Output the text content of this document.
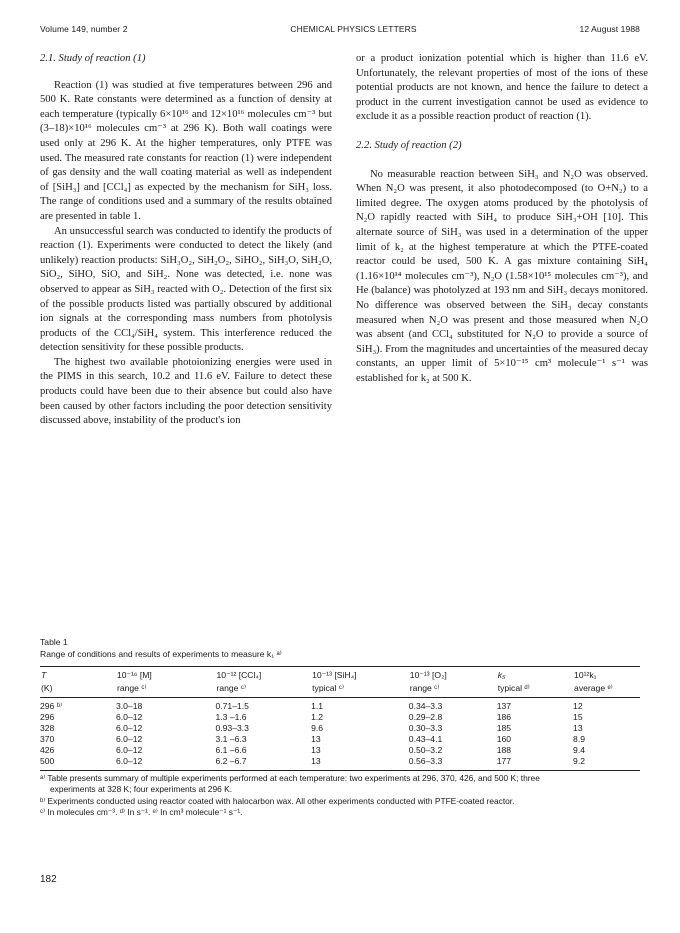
Volume 149, number 2	CHEMICAL PHYSICS LETTERS	12 August 1988
2.1. Study of reaction (1)

Reaction (1) was studied at five temperatures between 296 and 500 K. Rate constants were determined as a function of density at each temperature (typically 6×10¹⁶ and 12×10¹⁶ molecules cm⁻³ but (3–18)×10¹⁶ molecules cm⁻³ at 296 K). Both wall coatings were used only at 296 K. At the higher temperatures, only PTFE was used. The measured rate constants for reaction (1) were independent of gas density and the wall coating material as well as independent of [SiH₃] and [CCl₄] as expected by the mechanism for SiH₃ loss. The range of conditions used and a summary of the results obtained are presented in table 1.

An unsuccessful search was conducted to identify the products of reaction (1). Experiments were conducted to detect the likely (and unlikely) reaction products: SiH₃O₂, SiH₂O₂, SiHO₂, SiH₃O, SiH₂O, SiO₂, SiHO, SiO, and SiH₂. None was detected, i.e. none was observed to appear as SiH₃ reacted with O₂. Detection of the first six of the possible products listed was partially obscured by additional ion signals at the corresponding mass numbers from photolysis products of the CCl₄/SiH₄ system. This interference reduced the detection sensitivity for these possible products.

The highest two available photoionizing energies were used in the PIMS in this search, 10.2 and 11.6 eV. Failure to detect these products could have been due to their absence but could also have been caused by other factors including the poor detection sensitivity discussed above, instability of the product's ion

or a product ionization potential which is higher than 11.6 eV. Unfortunately, the relevant properties of most of the ions of these potential products are not known, and hence the failure to detect a product in the current investigation cannot be used as evidence to exclude it as a possible reaction product of reaction (1).

2.2. Study of reaction (2)

No measurable reaction between SiH₃ and N₂O was observed. When N₂O was present, it also photodecomposed (to O+N₂) to a limited degree. The oxygen atoms produced by the photolysis of N₂O rapidly reacted with SiH₄ to produce SiH₃+OH [10]. This alternate source of SiH₃ was used in a determination of the upper limit of k₂ at the highest temperature at which the PTFE-coated reactor could be used, 500 K. A gas mixture containing SiH₄ (1.16×10¹⁴ molecules cm⁻³), N₂O (1.58×10¹⁵ molecules cm⁻³), and He (balance) was photolyzed at 193 nm and SiH₃ decays monitored. No difference was observed between the SiH₃ decay constants measured when N₂O was present and those measured when N₂O was absent (and CCl₄ substituted for N₂O to provide a source of SiH₃). From the magnitudes and uncertainties of the measured decay constants, an upper limit of 5×10⁻¹⁵ cm³ molecule⁻¹ s⁻¹ was established for k₂ at 500 K.

Table 1
Range of conditions and results of experiments to measure k₁ ᵃ⁾
T	10⁻¹⁶ [M]	10⁻¹² [CCl₄]	10⁻¹³ [SiH₄]	10⁻¹³ [O₂]	k₅	10¹²k₁
(K)	range ᶜ⁾	range ᶜ⁾	typical ᶜ⁾	range ᶜ⁾	typical ᵈ⁾	average ᵉ⁾
296 ᵇ⁾	3.0–18	0.71–1.5	1.1	0.34–3.3	137	12
296	6.0–12	1.3 –1.6	1.2	0.29–2.8	186	15
328	6.0–12	0.93–3.3	9.6	0.30–3.3	185	13
370	6.0–12	3.1 –6.3	13	0.43–4.1	160	8.9
426	6.0–12	6.1 –6.6	13	0.50–3.2	188	9.4
500	6.0–12	6.2 –6.7	13	0.56–3.3	177	9.2
ᵃ⁾ Table presents summary of multiple experiments performed at each temperature: two experiments at 296, 370, 426, and 500 K; three
experiments at 328 K; four experiments at 296 K.
ᵇ⁾ Experiments conducted using reactor coated with halocarbon wax. All other experiments conducted with PTFE-coated reactor.
ᶜ⁾ In molecules cm⁻³. ᵈ⁾ In s⁻¹. ᵉ⁾ In cm³ molecule⁻¹ s⁻¹.
182
